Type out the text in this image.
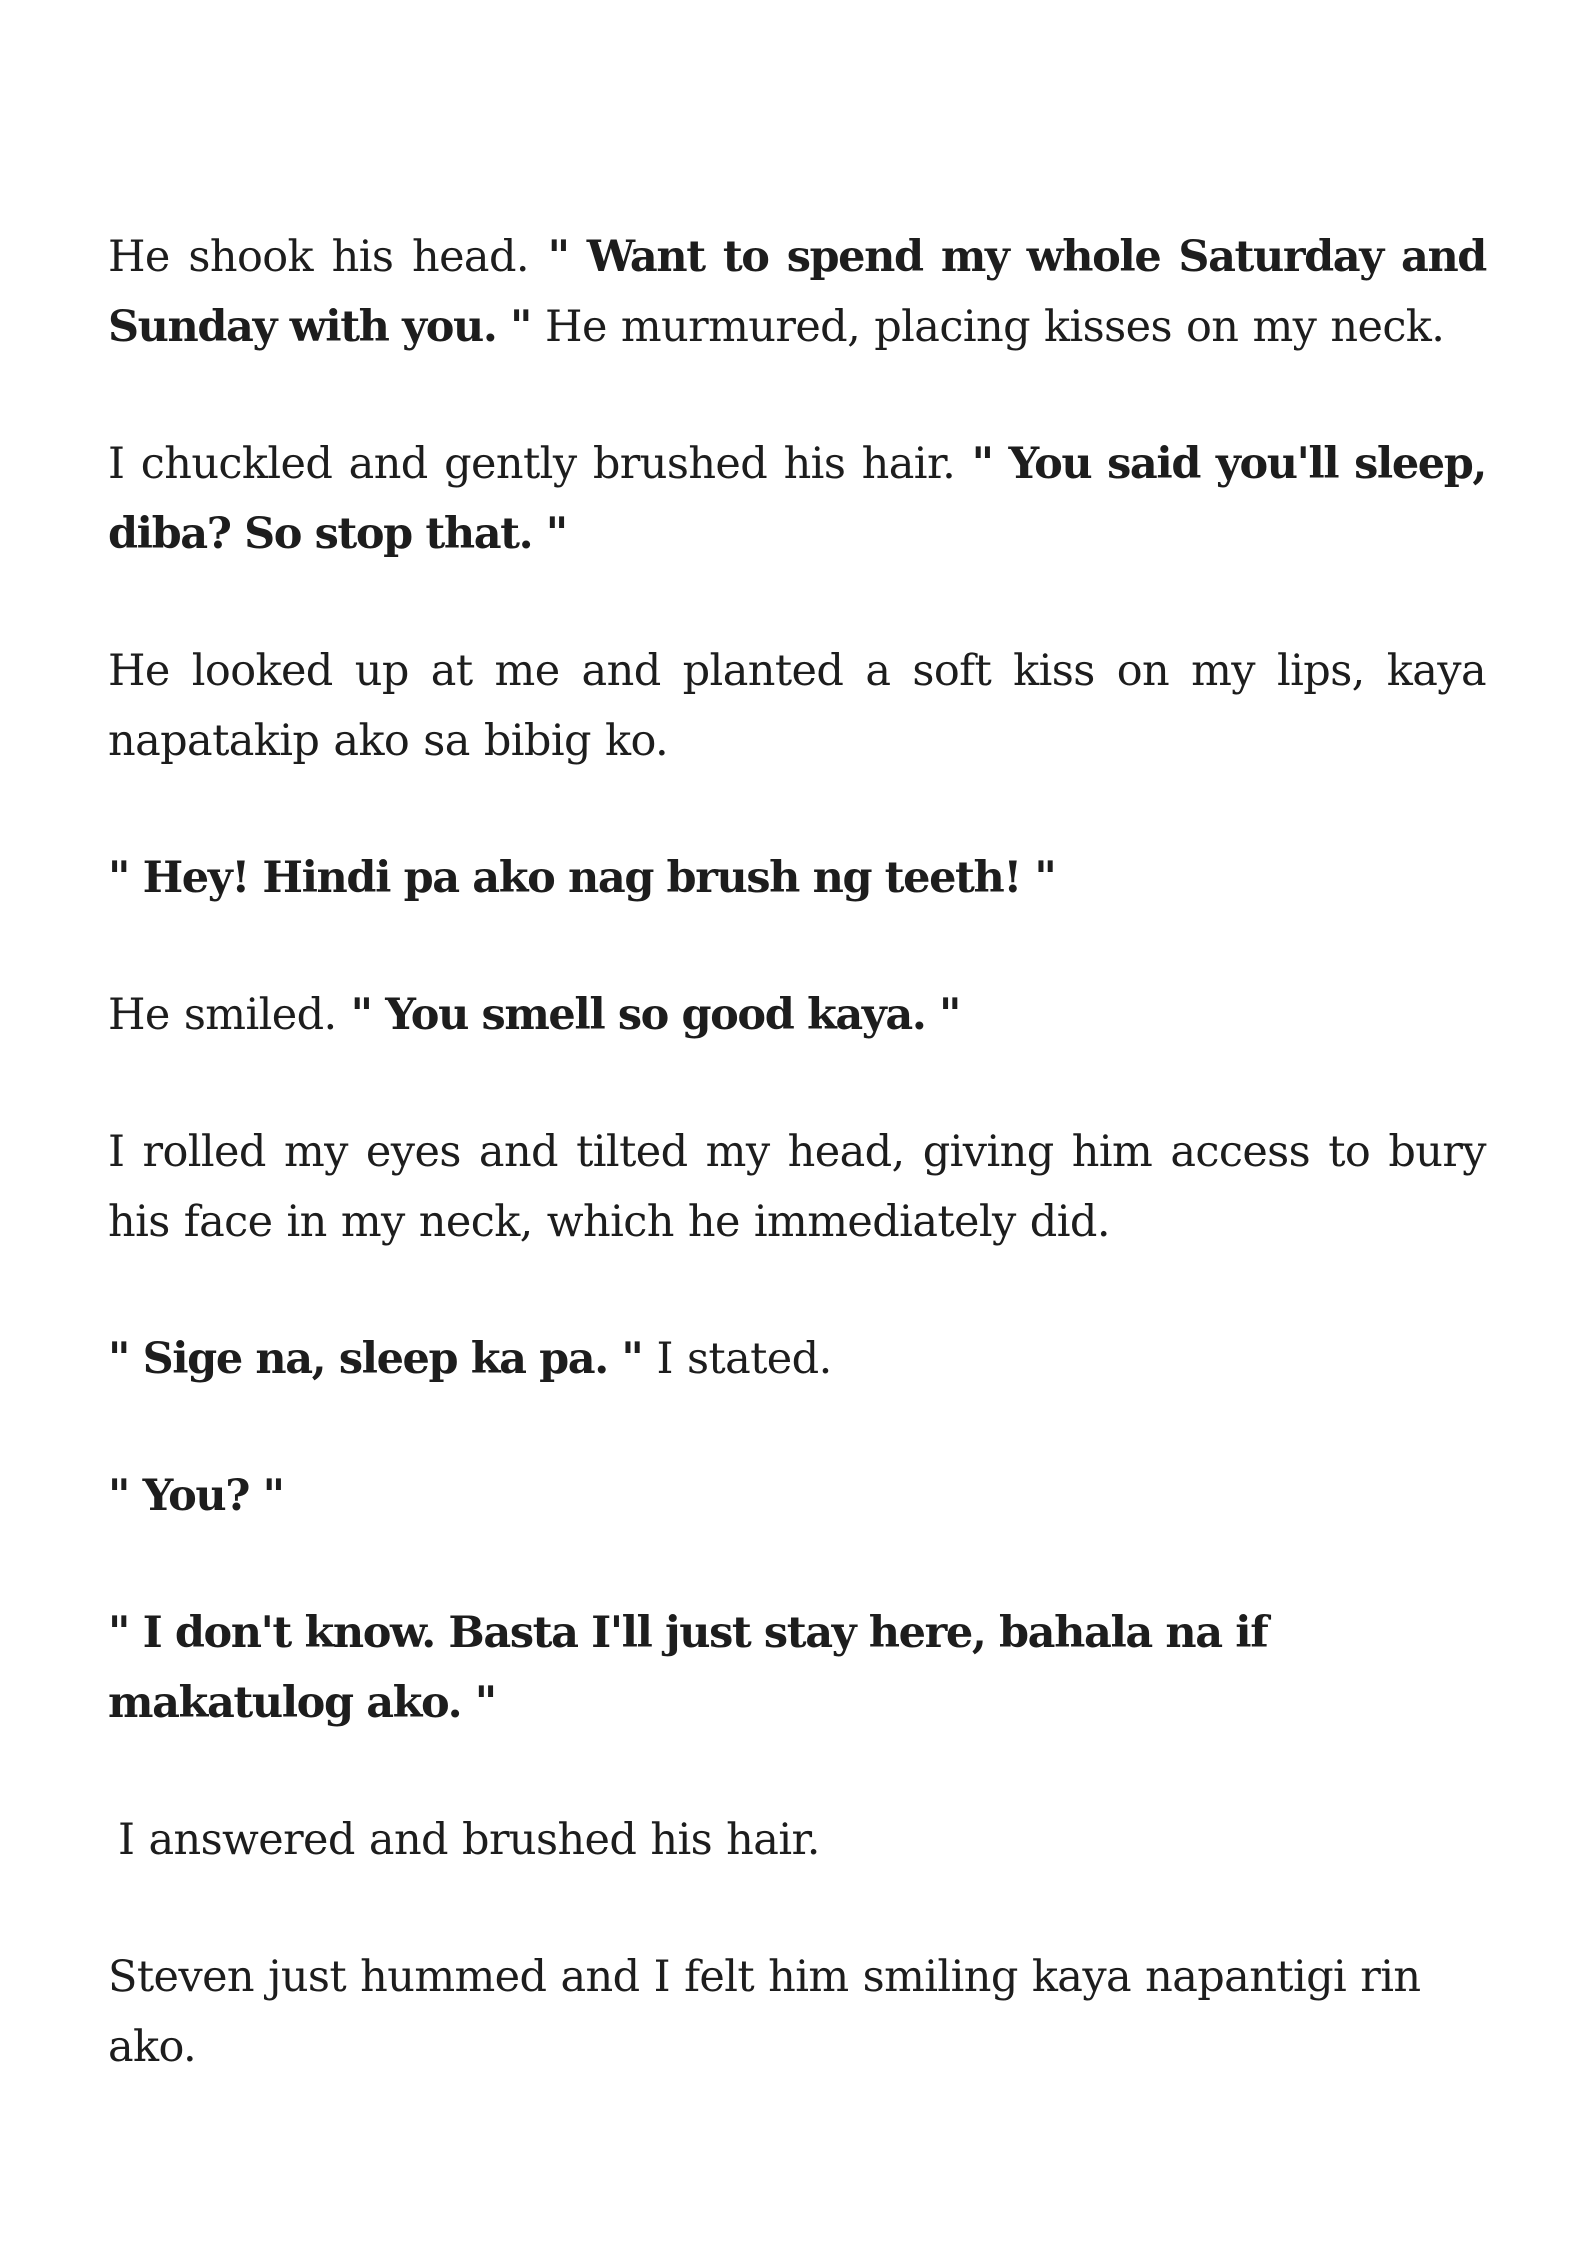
He shook his head. " Want to spend my whole Saturday and Sunday with you. " He murmured, placing kisses on my neck.

I chuckled and gently brushed his hair. " You said you'll sleep, diba? So stop that. "

He looked up at me and planted a soft kiss on my lips, kaya napatakip ako sa bibig ko.

" Hey! Hindi pa ako nag brush ng teeth! "

He smiled. " You smell so good kaya. "

I rolled my eyes and tilted my head, giving him access to bury his face in my neck, which he immediately did.

" Sige na, sleep ka pa. " I stated.

" You? "

" I don't know. Basta I'll just stay here, bahala na if makatulog ako. "

I answered and brushed his hair.

Steven just hummed and I felt him smiling kaya napantigi rin ako.
